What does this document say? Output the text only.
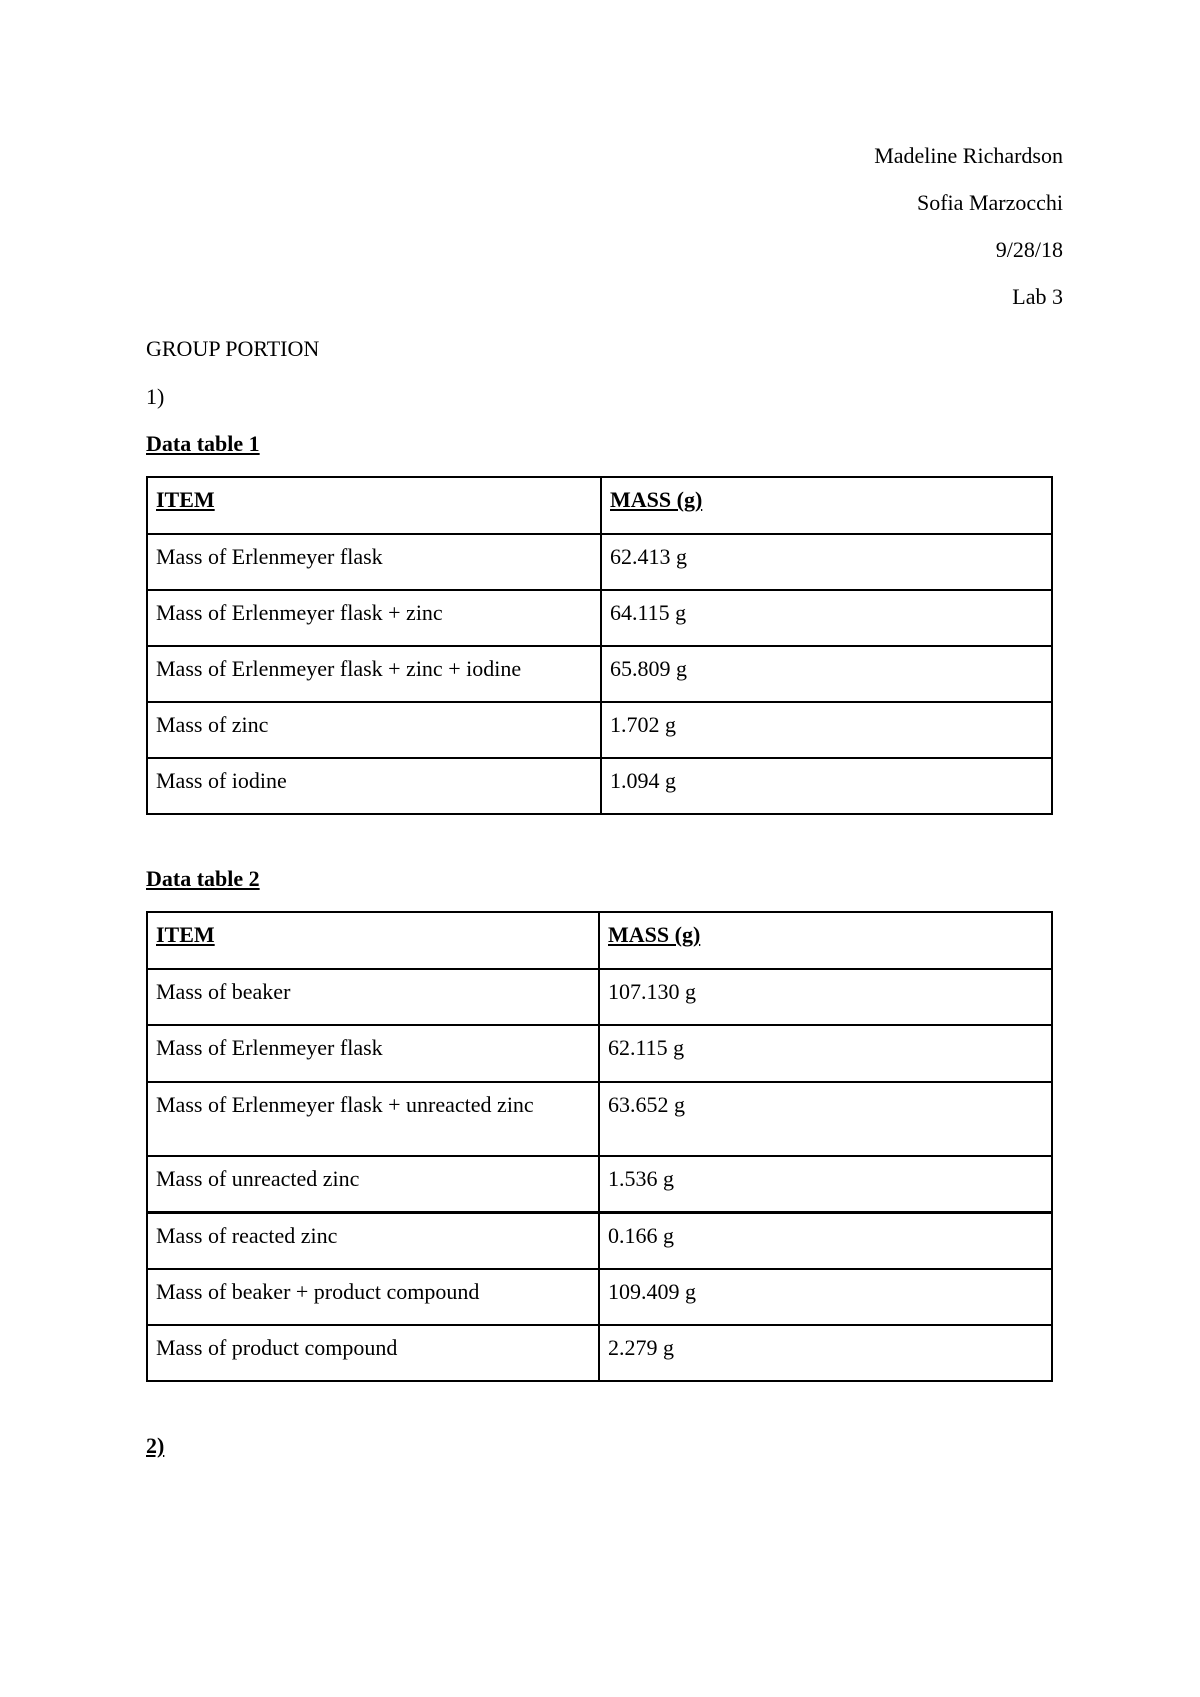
Madeline Richardson
Sofia Marzocchi
9/28/18
Lab 3
GROUP PORTION
1)
Data table 1
ITEM	MASS (g)
Mass of Erlenmeyer flask	62.413 g
Mass of Erlenmeyer flask + zinc	64.115 g
Mass of Erlenmeyer flask + zinc + iodine	65.809 g
Mass of zinc	1.702 g
Mass of iodine	1.094 g
Data table 2
ITEM	MASS (g)
Mass of beaker	107.130 g
Mass of Erlenmeyer flask	62.115 g
Mass of Erlenmeyer flask + unreacted zinc	63.652 g
Mass of unreacted zinc	1.536 g
Mass of reacted zinc	0.166 g
Mass of beaker + product compound	109.409 g
Mass of product compound	2.279 g
2)
